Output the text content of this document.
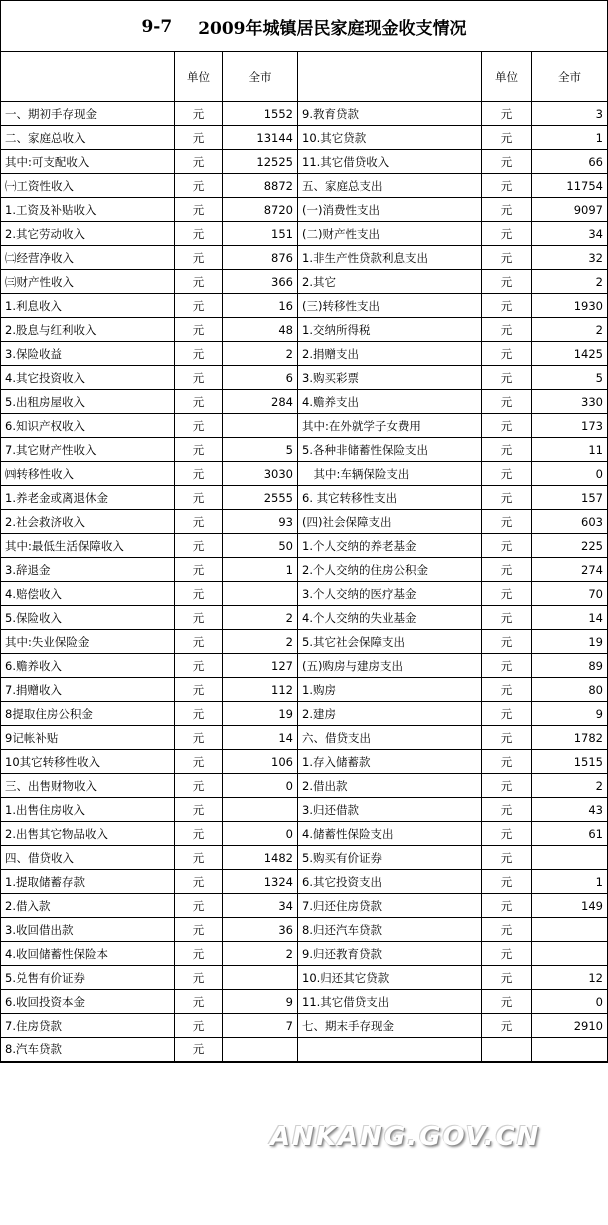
9-7 2009年城镇居民家庭现金收支情况
	单位	全市		单位	全市
一、期初手存现金	元	1552	9.教育贷款	元	3
二、家庭总收入	元	13144	10.其它贷款	元	1
其中:可支配收入	元	12525	11.其它借贷收入	元	66
㈠工资性收入	元	8872	五、家庭总支出	元	11754
1.工资及补贴收入	元	8720	(一)消费性支出	元	9097
2.其它劳动收入	元	151	(二)财产性支出	元	34
㈡经营净收入	元	876	1.非生产性贷款利息支出	元	32
㈢财产性收入	元	366	2.其它	元	2
1.利息收入	元	16	(三)转移性支出	元	1930
2.股息与红利收入	元	48	1.交纳所得税	元	2
3.保险收益	元	2	2.捐赠支出	元	1425
4.其它投资收入	元	6	3.购买彩票	元	5
5.出租房屋收入	元	284	4.赡养支出	元	330
6.知识产权收入	元		其中:在外就学子女费用	元	173
7.其它财产性收入	元	5	5.各种非储蓄性保险支出	元	11
㈣转移性收入	元	3030	　其中:车辆保险支出	元	0
1.养老金或离退休金	元	2555	6. 其它转移性支出	元	157
2.社会救济收入	元	93	(四)社会保障支出	元	603
其中:最低生活保障收入	元	50	1.个人交纳的养老基金	元	225
3.辞退金	元	1	2.个人交纳的住房公积金	元	274
4.赔偿收入	元		3.个人交纳的医疗基金	元	70
5.保险收入	元	2	4.个人交纳的失业基金	元	14
其中:失业保险金	元	2	5.其它社会保障支出	元	19
6.赡养收入	元	127	(五)购房与建房支出	元	89
7.捐赠收入	元	112	1.购房	元	80
8提取住房公积金	元	19	2.建房	元	9
9记帐补贴	元	14	六、借贷支出	元	1782
10其它转移性收入	元	106	1.存入储蓄款	元	1515
三、出售财物收入	元	0	2.借出款	元	2
1.出售住房收入	元		3.归还借款	元	43
2.出售其它物品收入	元	0	4.储蓄性保险支出	元	61
四、借贷收入	元	1482	5.购买有价证券	元	
1.提取储蓄存款	元	1324	6.其它投资支出	元	1
2.借入款	元	34	7.归还住房贷款	元	149
3.收回借出款	元	36	8.归还汽车贷款	元	
4.收回储蓄性保险本	元	2	9.归还教育贷款	元	
5.兑售有价证券	元		10.归还其它贷款	元	12
6.收回投资本金	元	9	11.其它借贷支出	元	0
7.住房贷款	元	7	七、期末手存现金	元	2910
8.汽车贷款	元				
ANKANG.GOV.CN
